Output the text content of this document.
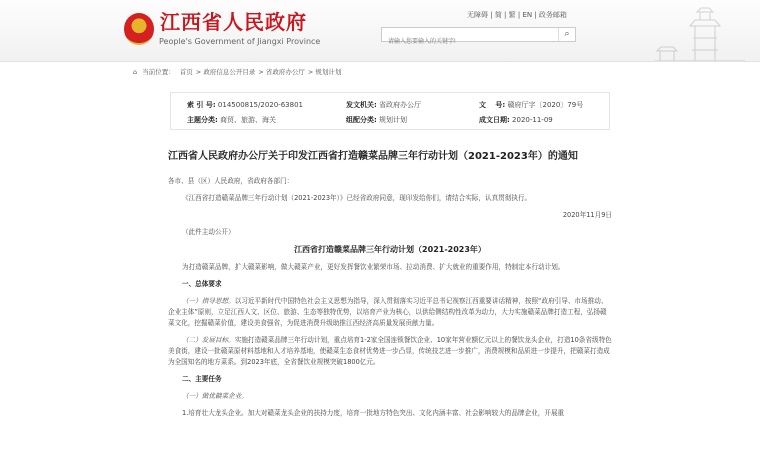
江西省人民政府
People's Government of Jiangxi Province
无障碍 | 简 | 繁 | EN | 政务邮箱
请输入您要输入的关键字!
⌕
⌂ 当前位置： 首页 > 政府信息公开目录 > 省政府办公厅 > 规划计划
索 引 号: 014500815/2020-63801	发文机关: 省政府办公厅	文　 号: 赣府厅字〔2020〕79号
主题分类: 商贸、旅游、海关	组配分类: 规划计划	成文日期: 2020-11-09
江西省人民政府办公厅关于印发江西省打造赣菜品牌三年行动计划（2021-2023年）的通知

各市、县（区）人民政府，省政府各部门：

《江西省打造赣菜品牌三年行动计划（2021-2023年）》已经省政府同意，现印发给你们，请结合实际，认真贯彻执行。

2020年11月9日

（此件主动公开）

江西省打造赣菜品牌三年行动计划（2021-2023年）

为打造赣菜品牌，扩大赣菜影响，做大赣菜产业，更好发挥餐饮业繁荣市场、拉动消费、扩大就业的重要作用，特制定本行动计划。

一、总体要求

（一）指导思想。以习近平新时代中国特色社会主义思想为指导，深入贯彻落实习近平总书记视察江西重要讲话精神，按照“政府引导、市场推动、企业主体”原则，立足江西人文、区位、旅游、生态等独特优势，以培育产业为核心，以供给侧结构性改革为动力，大力实施赣菜品牌打造工程，弘扬赣菜文化，挖掘赣菜价值，建设美食强省，为促进消费升级助推江西经济高质量发展贡献力量。

（二）发展目标。实施打造赣菜品牌三年行动计划，重点培育1-2家全国连锁餐饮企业、10家年营业额亿元以上的餐饮龙头企业，打造10条省级特色美食街，建设一批赣菜原材料基地和人才培养基地，使赣菜生态食材优势进一步凸显，传统技艺进一步推广，消费规模和品质进一步提升，把赣菜打造成为全国知名的地方菜系。到2023年底，全省餐饮业规模突破1800亿元。

二、主要任务

（一）做优赣菜企业。

1.培育壮大龙头企业。加大对赣菜龙头企业的扶持力度，培育一批地方特色突出、文化内涵丰富、社会影响较大的品牌企业，开展重
